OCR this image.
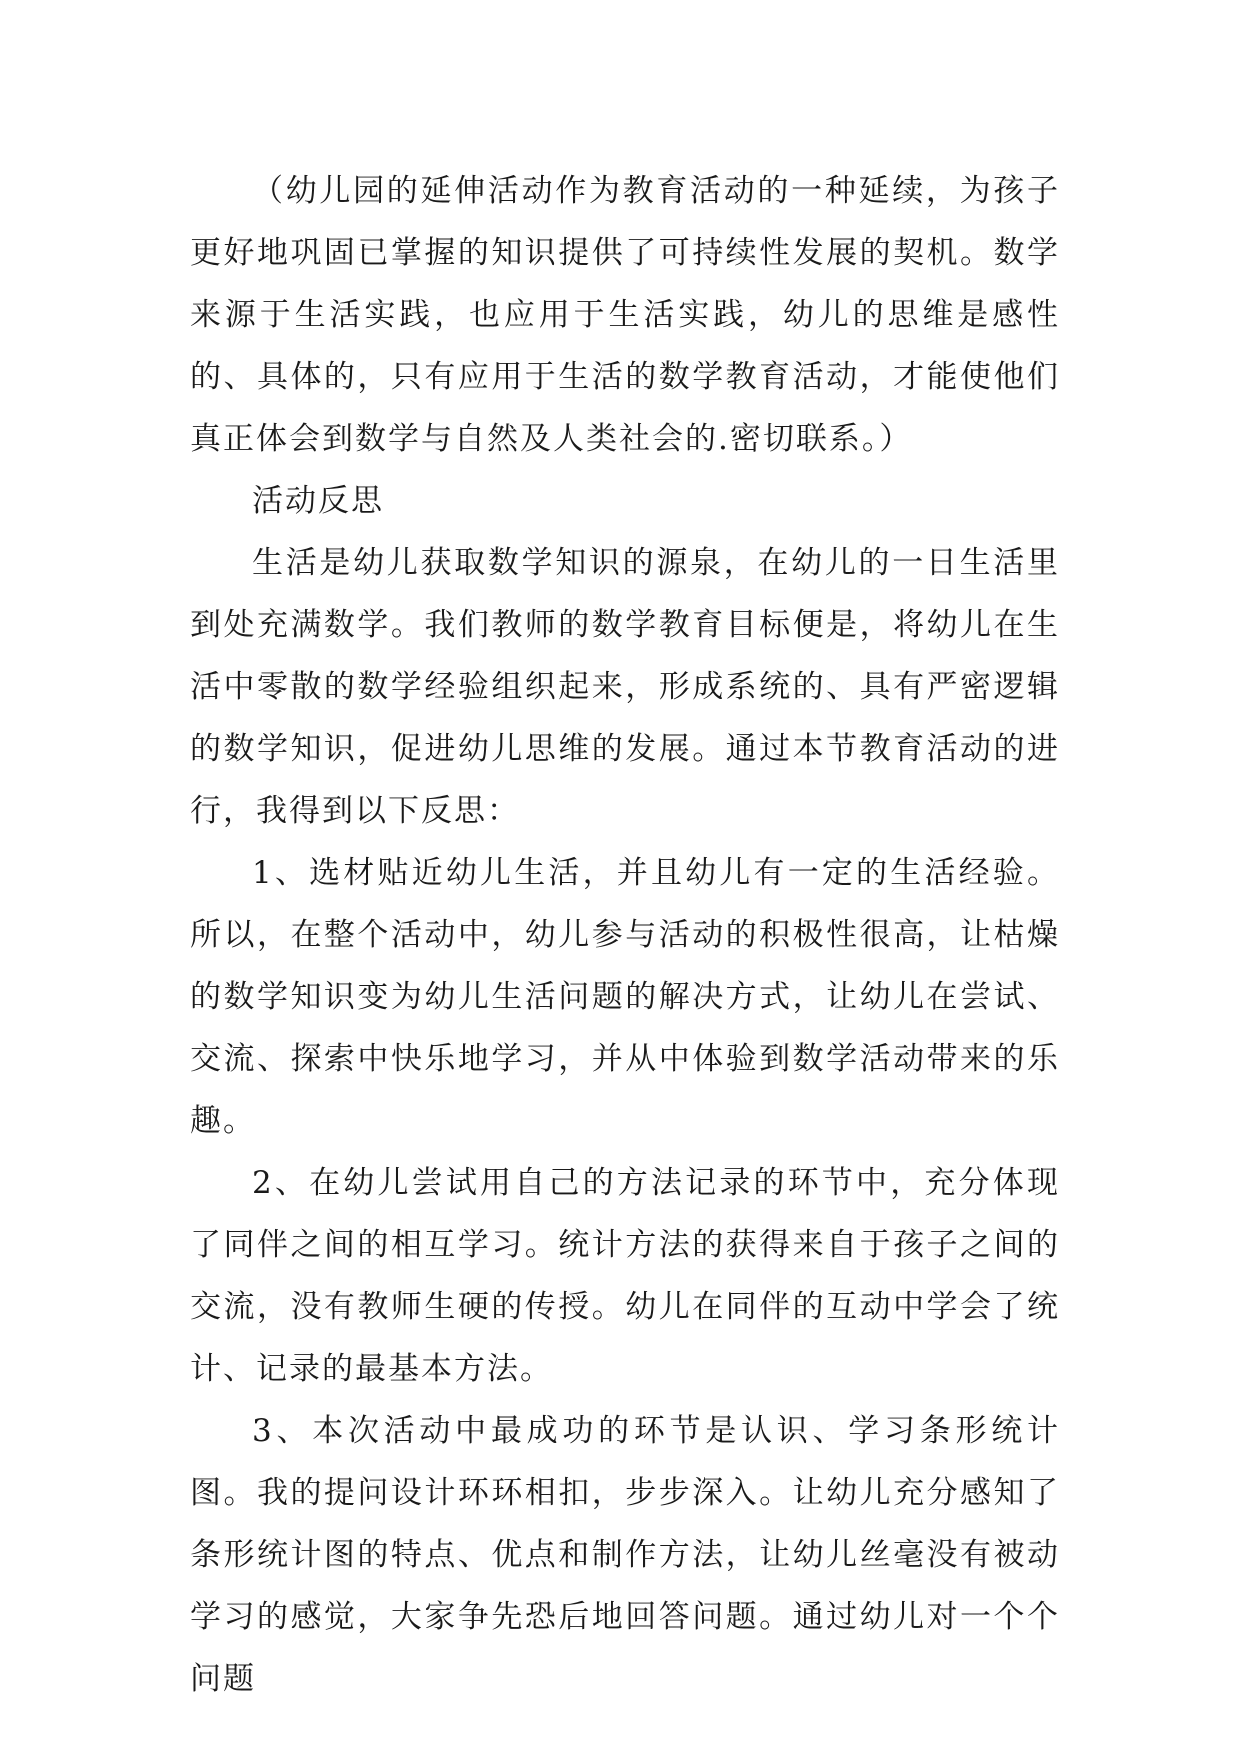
（幼儿园的延伸活动作为教育活动的一种延续，为孩子更好地巩固已掌握的知识提供了可持续性发展的契机。数学来源于生活实践，也应用于生活实践，幼儿的思维是感性的、具体的，只有应用于生活的数学教育活动，才能使他们真正体会到数学与自然及人类社会的.密切联系。）

活动反思

生活是幼儿获取数学知识的源泉，在幼儿的一日生活里到处充满数学。我们教师的数学教育目标便是，将幼儿在生活中零散的数学经验组织起来，形成系统的、具有严密逻辑的数学知识，促进幼儿思维的发展。通过本节教育活动的进行，我得到以下反思：

1、选材贴近幼儿生活，并且幼儿有一定的生活经验。所以，在整个活动中，幼儿参与活动的积极性很高，让枯燥的数学知识变为幼儿生活问题的解决方式，让幼儿在尝试、交流、探索中快乐地学习，并从中体验到数学活动带来的乐趣。

2、在幼儿尝试用自己的方法记录的环节中，充分体现了同伴之间的相互学习。统计方法的获得来自于孩子之间的交流，没有教师生硬的传授。幼儿在同伴的互动中学会了统计、记录的最基本方法。

3、本次活动中最成功的环节是认识、学习条形统计图。我的提问设计环环相扣，步步深入。让幼儿充分感知了条形统计图的特点、优点和制作方法，让幼儿丝毫没有被动学习的感觉，大家争先恐后地回答问题。通过幼儿对一个个问题
